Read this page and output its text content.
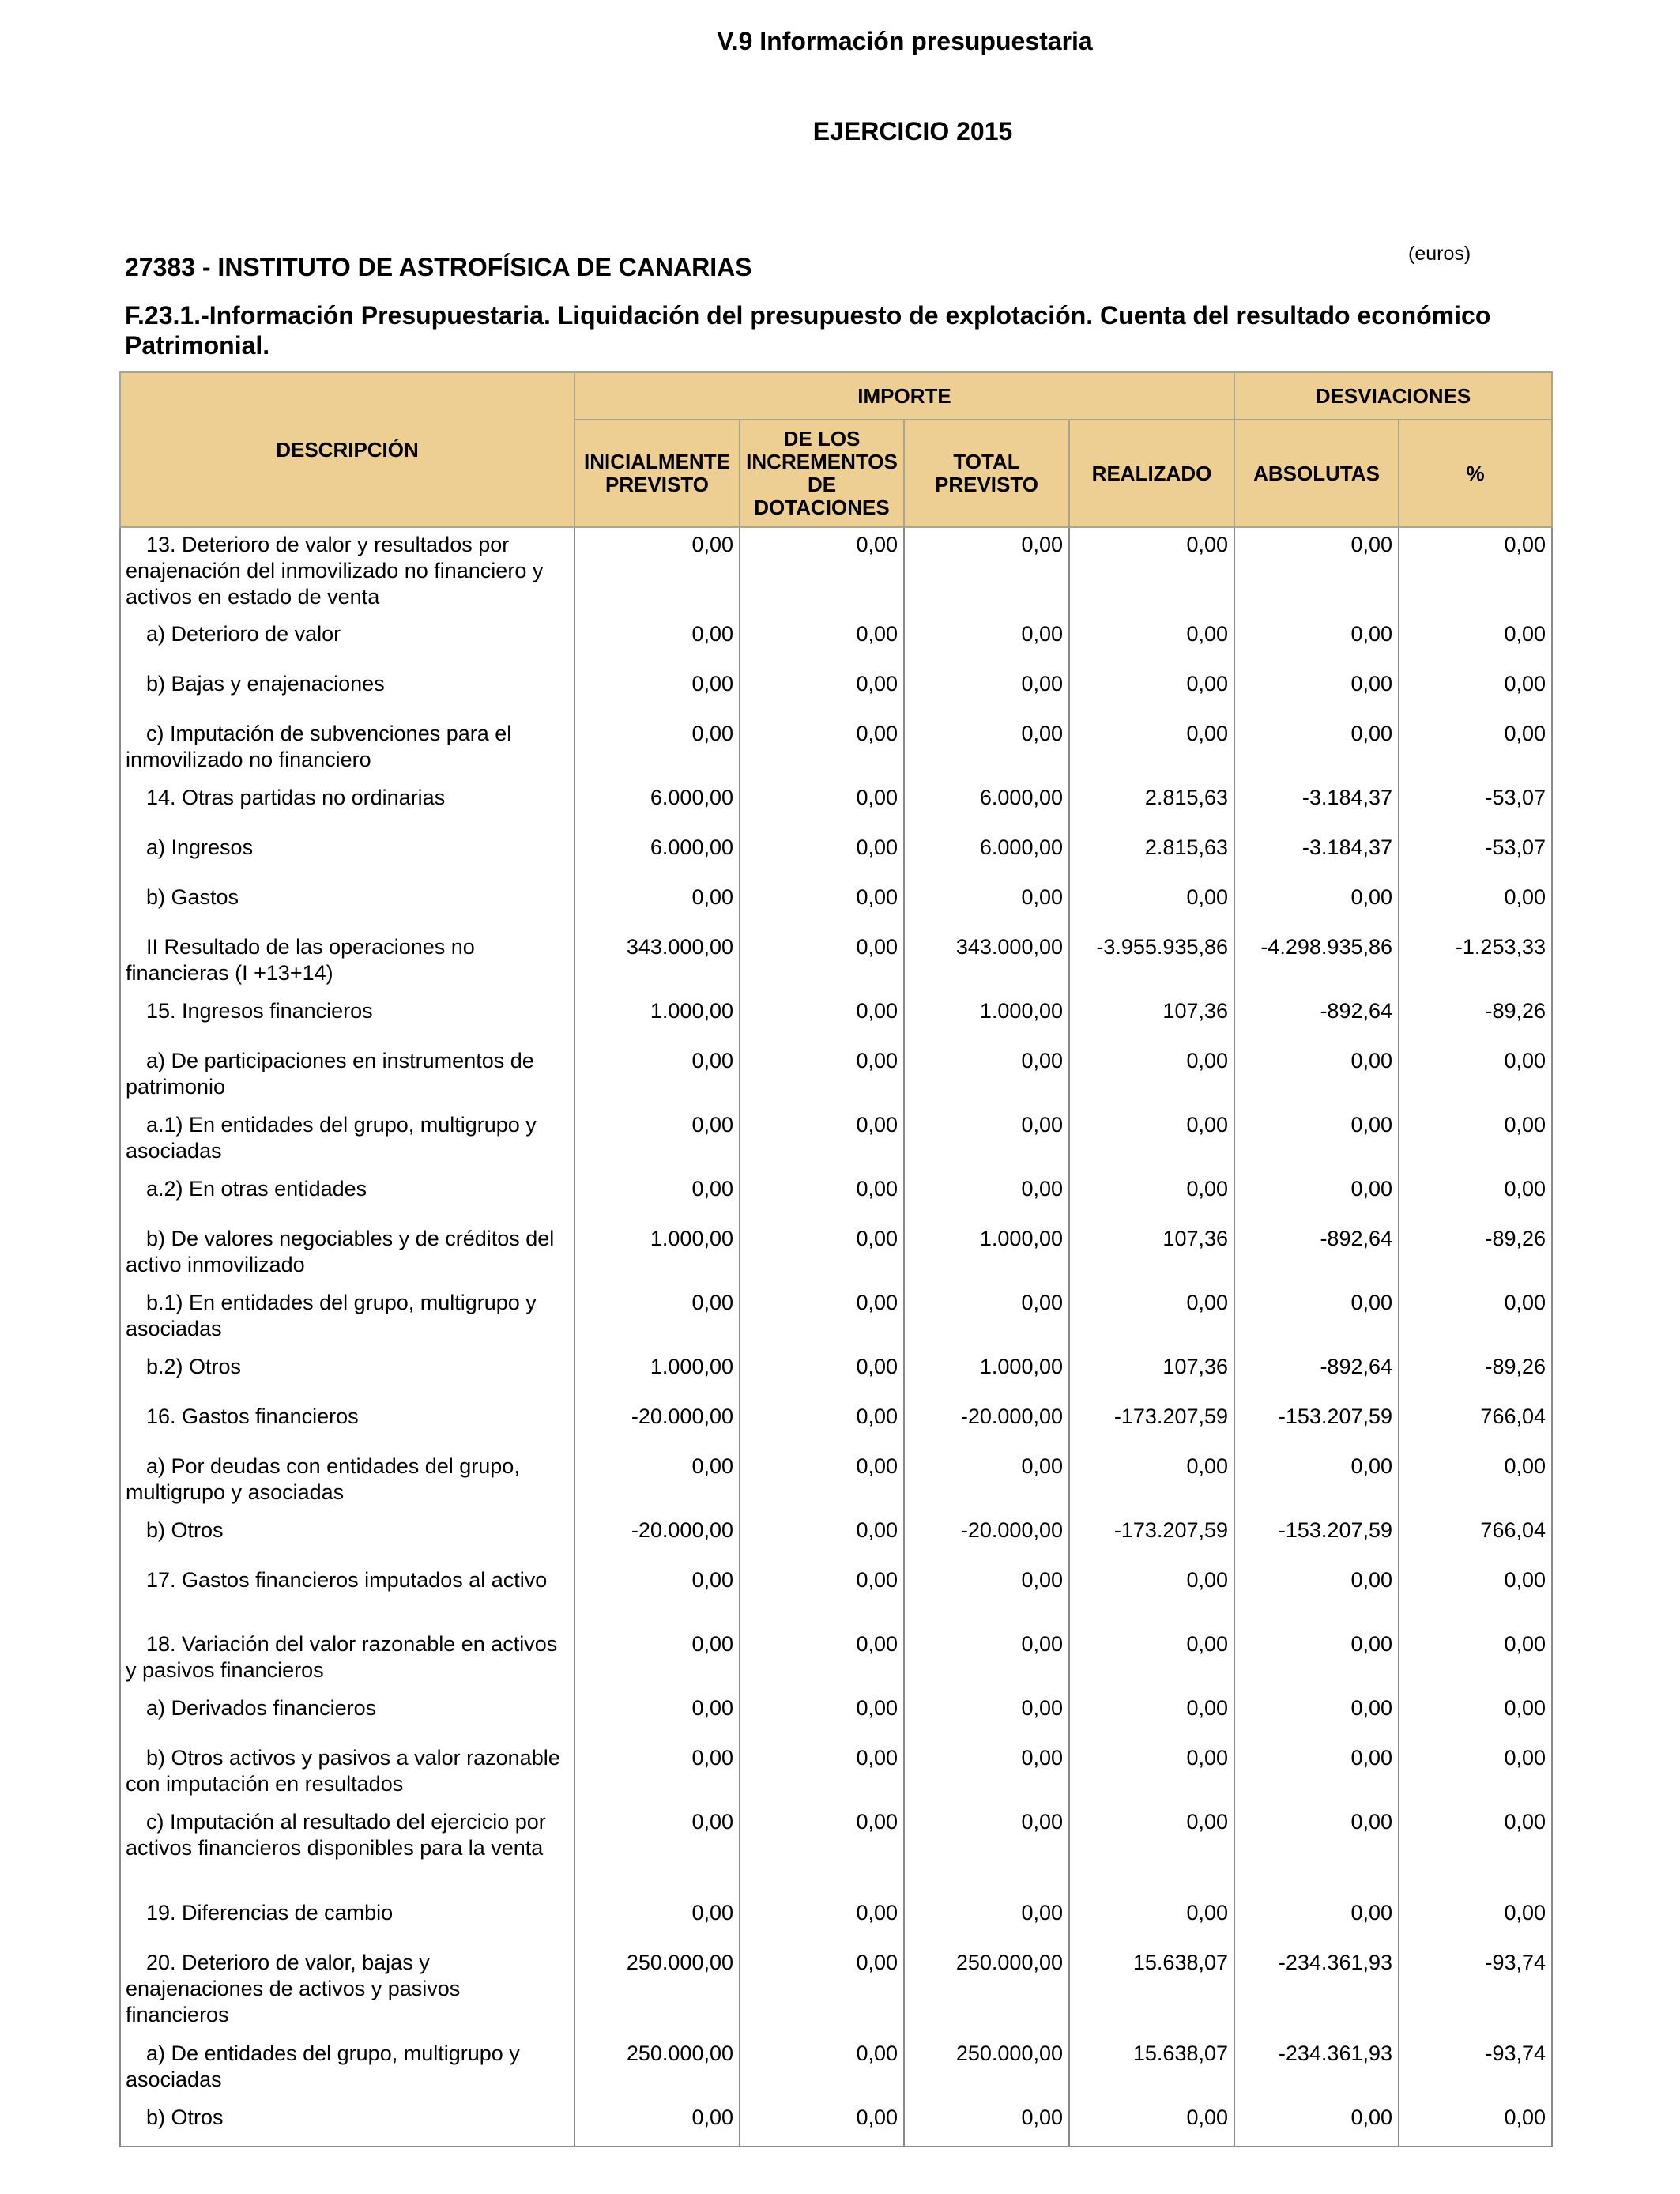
V.9 Información presupuestaria
EJERCICIO 2015
(euros)
27383 - INSTITUTO DE ASTROFÍSICA DE CANARIAS
F.23.1.-Información Presupuestaria. Liquidación del presupuesto de explotación. Cuenta del resultado económico Patrimonial.
DESCRIPCIÓN	IMPORTE				DESVIACIONES	
	INICIALMENTE PREVISTO	DE LOS INCREMENTOS DE DOTACIONES	TOTAL PREVISTO	REALIZADO	ABSOLUTAS	%
13. Deterioro de valor y resultados por enajenación del inmovilizado no financiero y activos en estado de venta	0,00	0,00	0,00	0,00	0,00	0,00
a) Deterioro de valor	0,00	0,00	0,00	0,00	0,00	0,00
b) Bajas y enajenaciones	0,00	0,00	0,00	0,00	0,00	0,00
c) Imputación de subvenciones para el inmovilizado no financiero	0,00	0,00	0,00	0,00	0,00	0,00
14. Otras partidas no ordinarias	6.000,00	0,00	6.000,00	2.815,63	-3.184,37	-53,07
a) Ingresos	6.000,00	0,00	6.000,00	2.815,63	-3.184,37	-53,07
b) Gastos	0,00	0,00	0,00	0,00	0,00	0,00
II Resultado de las operaciones no financieras (I +13+14)	343.000,00	0,00	343.000,00	-3.955.935,86	-4.298.935,86	-1.253,33
15. Ingresos financieros	1.000,00	0,00	1.000,00	107,36	-892,64	-89,26
a) De participaciones en instrumentos de patrimonio	0,00	0,00	0,00	0,00	0,00	0,00
a.1) En entidades del grupo, multigrupo y asociadas	0,00	0,00	0,00	0,00	0,00	0,00
a.2) En otras entidades	0,00	0,00	0,00	0,00	0,00	0,00
b) De valores negociables y de créditos del activo inmovilizado	1.000,00	0,00	1.000,00	107,36	-892,64	-89,26
b.1) En entidades del grupo, multigrupo y asociadas	0,00	0,00	0,00	0,00	0,00	0,00
b.2) Otros	1.000,00	0,00	1.000,00	107,36	-892,64	-89,26
16. Gastos financieros	-20.000,00	0,00	-20.000,00	-173.207,59	-153.207,59	766,04
a) Por deudas con entidades del grupo, multigrupo y asociadas	0,00	0,00	0,00	0,00	0,00	0,00
b) Otros	-20.000,00	0,00	-20.000,00	-173.207,59	-153.207,59	766,04
17. Gastos financieros imputados al activo	0,00	0,00	0,00	0,00	0,00	0,00
18. Variación del valor razonable en activos y pasivos financieros	0,00	0,00	0,00	0,00	0,00	0,00
a) Derivados financieros	0,00	0,00	0,00	0,00	0,00	0,00
b) Otros activos y pasivos a valor razonable con imputación en resultados	0,00	0,00	0,00	0,00	0,00	0,00
c) Imputación al resultado del ejercicio por activos financieros disponibles para la venta	0,00	0,00	0,00	0,00	0,00	0,00
19. Diferencias de cambio	0,00	0,00	0,00	0,00	0,00	0,00
20. Deterioro de valor, bajas y enajenaciones de activos y pasivos financieros	250.000,00	0,00	250.000,00	15.638,07	-234.361,93	-93,74
a) De entidades del grupo, multigrupo y asociadas	250.000,00	0,00	250.000,00	15.638,07	-234.361,93	-93,74
b) Otros	0,00	0,00	0,00	0,00	0,00	0,00
